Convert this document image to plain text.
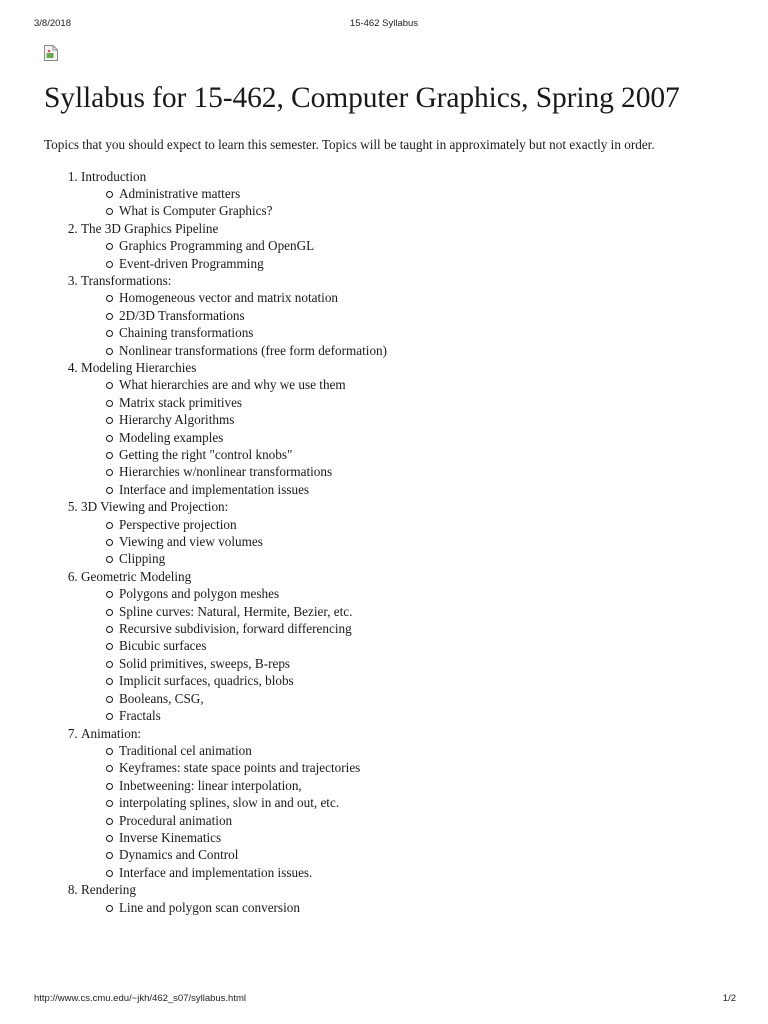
3/8/2018	15-462 Syllabus
Syllabus for 15-462, Computer Graphics, Spring 2007

Topics that you should expect to learn this semester. Topics will be taught in approximately but not exactly in order.

1. Introduction
Administrative matters
What is Computer Graphics?
2. The 3D Graphics Pipeline
Graphics Programming and OpenGL
Event-driven Programming
3. Transformations:
Homogeneous vector and matrix notation
2D/3D Transformations
Chaining transformations
Nonlinear transformations (free form deformation)
4. Modeling Hierarchies
What hierarchies are and why we use them
Matrix stack primitives
Hierarchy Algorithms
Modeling examples
Getting the right "control knobs"
Hierarchies w/nonlinear transformations
Interface and implementation issues
5. 3D Viewing and Projection:
Perspective projection
Viewing and view volumes
Clipping
6. Geometric Modeling
Polygons and polygon meshes
Spline curves: Natural, Hermite, Bezier, etc.
Recursive subdivision, forward differencing
Bicubic surfaces
Solid primitives, sweeps, B-reps
Implicit surfaces, quadrics, blobs
Booleans, CSG,
Fractals
7. Animation:
Traditional cel animation
Keyframes: state space points and trajectories
Inbetweening: linear interpolation,
interpolating splines, slow in and out, etc.
Procedural animation
Inverse Kinematics
Dynamics and Control
Interface and implementation issues.
8. Rendering
Line and polygon scan conversion
http://www.cs.cmu.edu/~jkh/462_s07/syllabus.html	1/2
